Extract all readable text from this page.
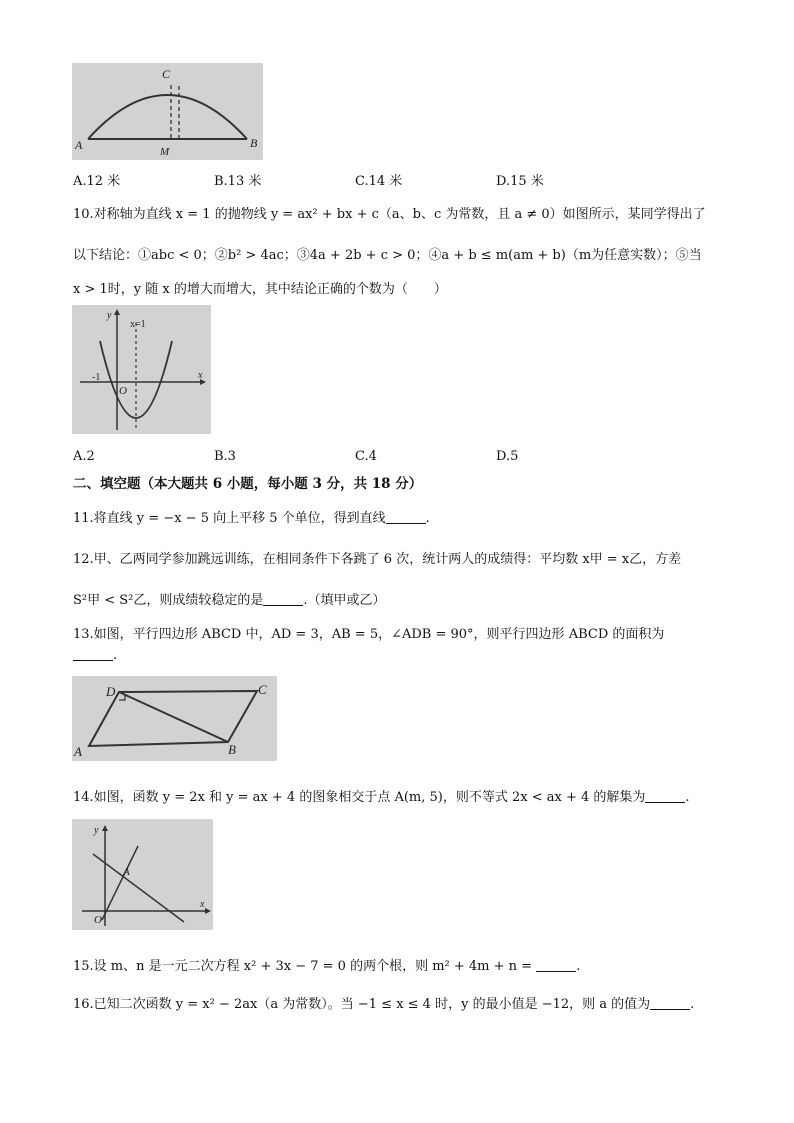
C
A	B
M
A.12 米	B.13 米	C.14 米	D.15 米
10.对称轴为直线 x = 1 的抛物线 y = ax² + bx + c（a、b、c 为常数，且 a ≠ 0）如图所示，某同学得出了
以下结论：①abc < 0；②b² > 4ac；③4a + 2b + c > 0；④a + b ≤ m(am + b)（m为任意实数）；⑤当
x > 1时，y 随 x 的增大而增大，其中结论正确的个数为（　　）
y
x=1
x
-1
O
A.2	B.3	C.4	D.5
二、填空题（本大题共 6 小题，每小题 3 分，共 18 分）
11.将直线 y = −x − 5 向上平移 5 个单位，得到直线	.
12.甲、乙两同学参加跳远训练，在相同条件下各跳了 6 次，统计两人的成绩得：平均数 x甲 = x乙，方差
S²甲 < S²乙，则成绩较稳定的是	.（填甲或乙）
13.如图，平行四边形 ABCD 中，AD = 3，AB = 5，∠ADB = 90°，则平行四边形 ABCD 的面积为
.
D	C
A	B
14.如图，函数 y = 2x 和 y = ax + 4 的图象相交于点 A(m, 5)，则不等式 2x < ax + 4 的解集为	.
y
A
x
O
15.设 m、n 是一元二次方程 x² + 3x − 7 = 0 的两个根，则 m² + 4m + n =	.
16.已知二次函数 y = x² − 2ax（a 为常数）。当 −1 ≤ x ≤ 4 时，y 的最小值是 −12，则 a 的值为	.
